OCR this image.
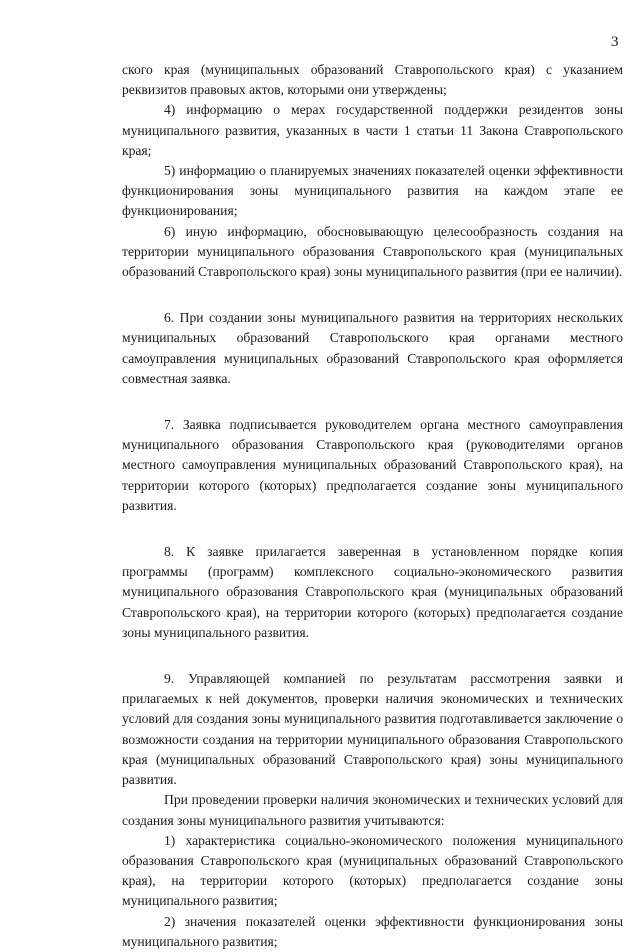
3

ского края (муниципальных образований Ставропольского края) с указанием реквизитов правовых актов, которыми они утверждены;

4) информацию о мерах государственной поддержки резидентов зоны муниципального развития, указанных в части 1 статьи 11 Закона Ставропольского края;

5) информацию о планируемых значениях показателей оценки эффективности функционирования зоны муниципального развития на каждом этапе ее функционирования;

6) иную информацию, обосновывающую целесообразность создания на территории муниципального образования Ставропольского края (муниципальных образований Ставропольского края) зоны муниципального развития (при ее наличии).

6. При создании зоны муниципального развития на территориях нескольких муниципальных образований Ставропольского края органами местного самоуправления муниципальных образований Ставропольского края оформляется совместная заявка.

7. Заявка подписывается руководителем органа местного самоуправления муниципального образования Ставропольского края (руководителями органов местного самоуправления муниципальных образований Ставропольского края), на территории которого (которых) предполагается создание зоны муниципального развития.

8. К заявке прилагается заверенная в установленном порядке копия программы (программ) комплексного социально-экономического развития муниципального образования Ставропольского края (муниципальных образований Ставропольского края), на территории которого (которых) предполагается создание зоны муниципального развития.

9. Управляющей компанией по результатам рассмотрения заявки и прилагаемых к ней документов, проверки наличия экономических и технических условий для создания зоны муниципального развития подготавливается заключение о возможности создания на территории муниципального образования Ставропольского края (муниципальных образований Ставропольского края) зоны муниципального развития.

При проведении проверки наличия экономических и технических условий для создания зоны муниципального развития учитываются:

1) характеристика социально-экономического положения муниципального образования Ставропольского края (муниципальных образований Ставропольского края), на территории которого (которых) предполагается создание зоны муниципального развития;

2) значения показателей оценки эффективности функционирования зоны муниципального развития;
